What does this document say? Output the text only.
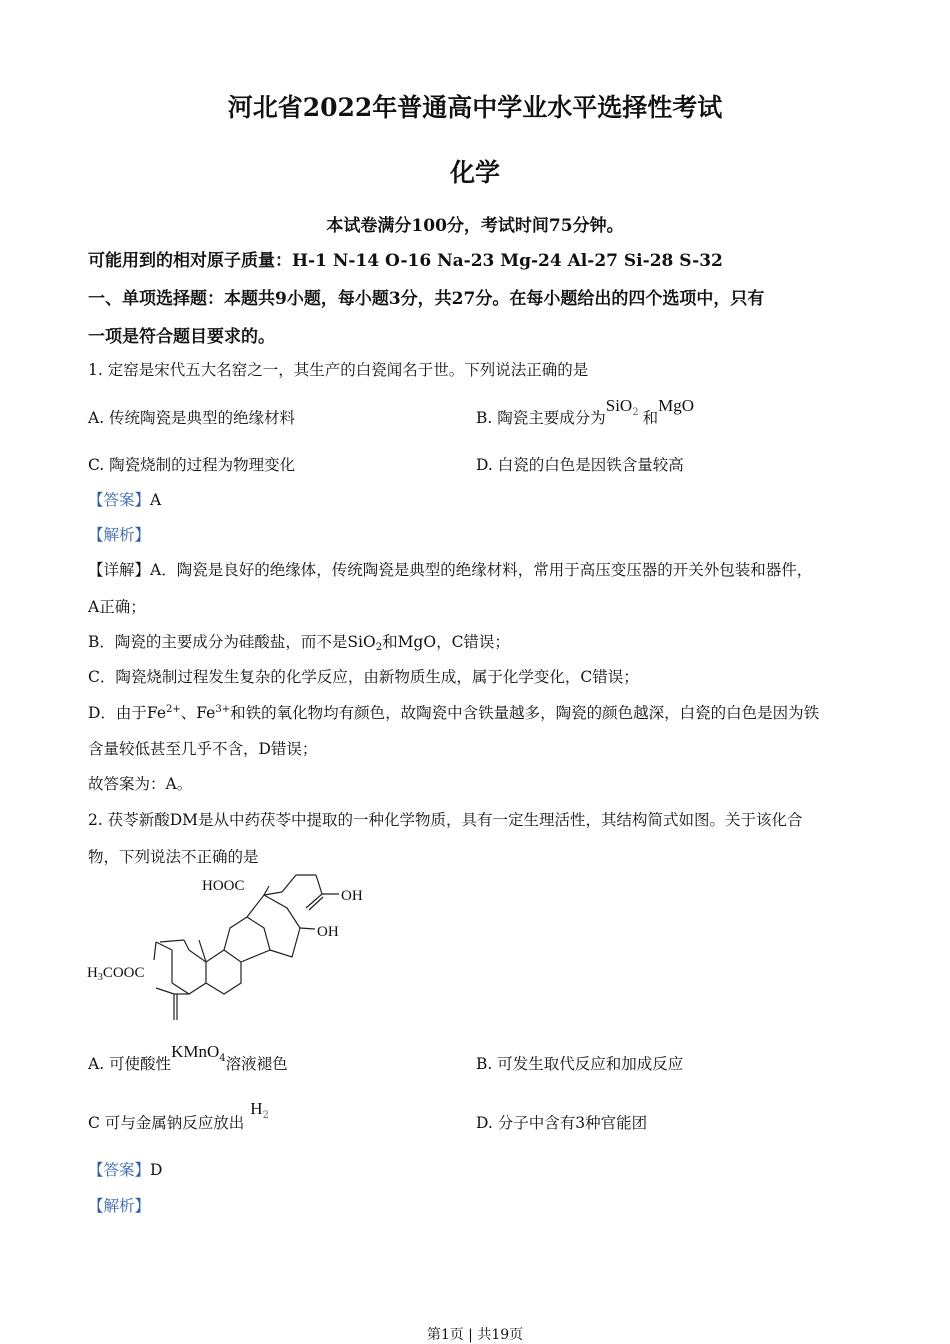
河北省2022年普通高中学业水平选择性考试
化学
本试卷满分100分，考试时间75分钟。
可能用到的相对原子质量：H-1 N-14 O-16 Na-23 Mg-24 Al-27 Si-28 S-32
一、单项选择题：本题共9小题，每小题3分，共27分。在每小题给出的四个选项中，只有
一项是符合题目要求的。
1. 定窑是宋代五大名窑之一，其生产的白瓷闻名于世。下列说法正确的是
A. 传统陶瓷是典型的绝缘材料	B. 陶瓷主要成分为SiO$^2$ 和MgO
C. 陶瓷烧制的过程为物理变化	D. 白瓷的白色是因铁含量较高
【答案】A
【解析】
【详解】A．陶瓷是良好的绝缘体，传统陶瓷是典型的绝缘材料，常用于高压变压器的开关外包装和器件，
A正确；
B．陶瓷的主要成分为硅酸盐，而不是SiO2和MgO，C错误；
C．陶瓷烧制过程发生复杂的化学反应，由新物质生成，属于化学变化，C错误；
D．由于$Fe^{2+}$、$Fe^{3+}$和铁的氧化物均有颜色，故陶瓷中含铁量越多，陶瓷的颜色越深，白瓷的白色是因为铁
含量较低甚至几乎不含，D错误；
故答案为：A。
2. 茯苓新酸DM是从中药茯苓中提取的一种化学物质，具有一定生理活性，其结构简式如图。关于该化合
物，下列说法不正确的是
HOOC
OH
OH
$H_3COOC$
A. 可使酸性KMnO$^4$溶液褪色	B. 可发生取代反应和加成反应
C 可与金属钠反应放出$H^2$	D. 分子中含有3种官能团
【答案】D
【解析】
第1页 | 共19页
